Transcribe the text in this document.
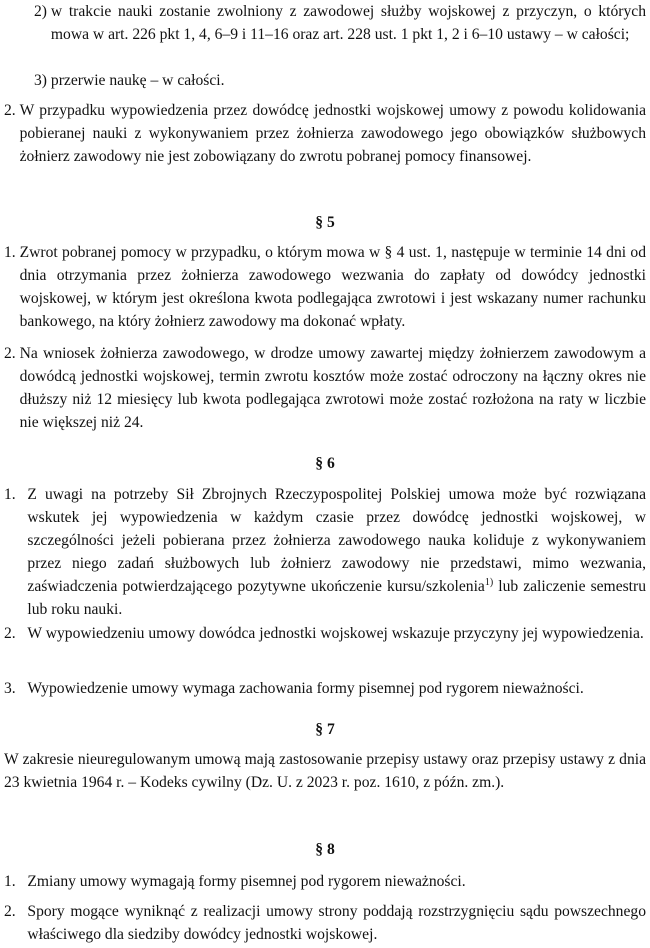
2)
w trakcie nauki zostanie zwolniony z zawodowej służby wojskowej z przyczyn, o których mowa w art. 226 pkt 1, 4, 6–9 i 11–16 oraz art. 228 ust. 1 pkt 1, 2 i 6–10 ustawy – w całości;
3)
przerwie naukę – w całości.
2.
W przypadku wypowiedzenia przez dowódcę jednostki wojskowej umowy z powodu kolidowania pobieranej nauki z wykonywaniem przez żołnierza zawodowego jego obowiązków służbowych żołnierz zawodowy nie jest zobowiązany do zwrotu pobranej pomocy finansowej.
§ 5
1.
Zwrot pobranej pomocy w przypadku, o którym mowa w § 4 ust. 1, następuje w terminie 14 dni od dnia otrzymania przez żołnierza zawodowego wezwania do zapłaty od dowódcy jednostki wojskowej, w którym jest określona kwota podlegająca zwrotowi i jest wskazany numer rachunku bankowego, na który żołnierz zawodowy ma dokonać wpłaty.
2.
Na wniosek żołnierza zawodowego, w drodze umowy zawartej między żołnierzem zawodowym a dowódcą jednostki wojskowej, termin zwrotu kosztów może zostać odroczony na łączny okres nie dłuższy niż 12 miesięcy lub kwota podlegająca zwrotowi może zostać rozłożona na raty w liczbie nie większej niż 24.
§ 6
1.
Z uwagi na potrzeby Sił Zbrojnych Rzeczypospolitej Polskiej umowa może być rozwiązana wskutek jej wypowiedzenia w każdym czasie przez dowódcę jednostki wojskowej, w szczególności jeżeli pobierana przez żołnierza zawodowego nauka koliduje z wykonywaniem przez niego zadań służbowych lub żołnierz zawodowy nie przedstawi, mimo wezwania, zaświadczenia potwierdzającego pozytywne ukończenie kursu/szkolenia$^{1)}$ lub zaliczenie semestru lub roku nauki.
2.
W wypowiedzeniu umowy dowódca jednostki wojskowej wskazuje przyczyny jej wypowiedzenia.
3.
Wypowiedzenie umowy wymaga zachowania formy pisemnej pod rygorem nieważności.
§ 7
W zakresie nieuregulowanym umową mają zastosowanie przepisy ustawy oraz przepisy ustawy z dnia 23 kwietnia 1964 r. – Kodeks cywilny (Dz. U. z 2023 r. poz. 1610, z późn. zm.).
§ 8
1.
Zmiany umowy wymagają formy pisemnej pod rygorem nieważności.
2.
Spory mogące wyniknąć z realizacji umowy strony poddają rozstrzygnięciu sądu powszechnego właściwego dla siedziby dowódcy jednostki wojskowej.
